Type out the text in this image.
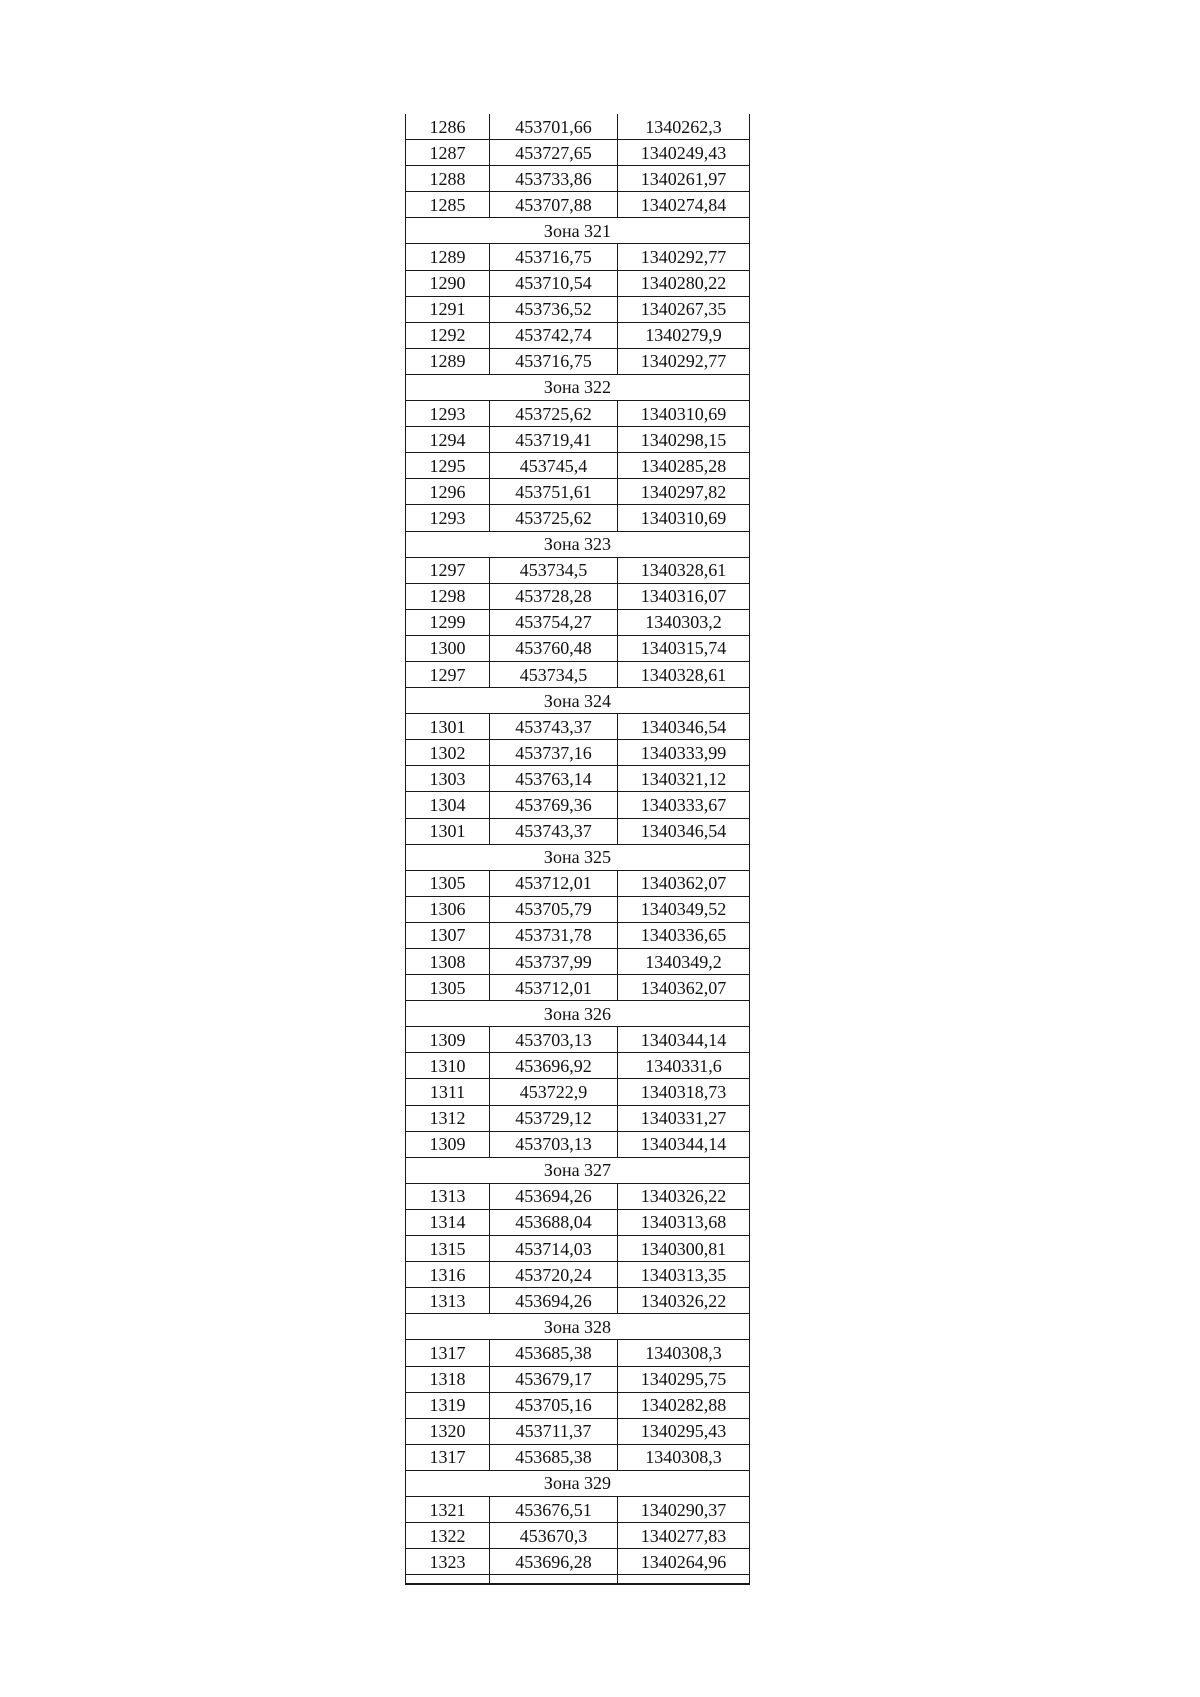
1286	453701,66	1340262,3
1287	453727,65	1340249,43
1288	453733,86	1340261,97
1285	453707,88	1340274,84
Зона 321		
1289	453716,75	1340292,77
1290	453710,54	1340280,22
1291	453736,52	1340267,35
1292	453742,74	1340279,9
1289	453716,75	1340292,77
Зона 322		
1293	453725,62	1340310,69
1294	453719,41	1340298,15
1295	453745,4	1340285,28
1296	453751,61	1340297,82
1293	453725,62	1340310,69
Зона 323		
1297	453734,5	1340328,61
1298	453728,28	1340316,07
1299	453754,27	1340303,2
1300	453760,48	1340315,74
1297	453734,5	1340328,61
Зона 324		
1301	453743,37	1340346,54
1302	453737,16	1340333,99
1303	453763,14	1340321,12
1304	453769,36	1340333,67
1301	453743,37	1340346,54
Зона 325		
1305	453712,01	1340362,07
1306	453705,79	1340349,52
1307	453731,78	1340336,65
1308	453737,99	1340349,2
1305	453712,01	1340362,07
Зона 326		
1309	453703,13	1340344,14
1310	453696,92	1340331,6
1311	453722,9	1340318,73
1312	453729,12	1340331,27
1309	453703,13	1340344,14
Зона 327		
1313	453694,26	1340326,22
1314	453688,04	1340313,68
1315	453714,03	1340300,81
1316	453720,24	1340313,35
1313	453694,26	1340326,22
Зона 328		
1317	453685,38	1340308,3
1318	453679,17	1340295,75
1319	453705,16	1340282,88
1320	453711,37	1340295,43
1317	453685,38	1340308,3
Зона 329		
1321	453676,51	1340290,37
1322	453670,3	1340277,83
1323	453696,28	1340264,96
